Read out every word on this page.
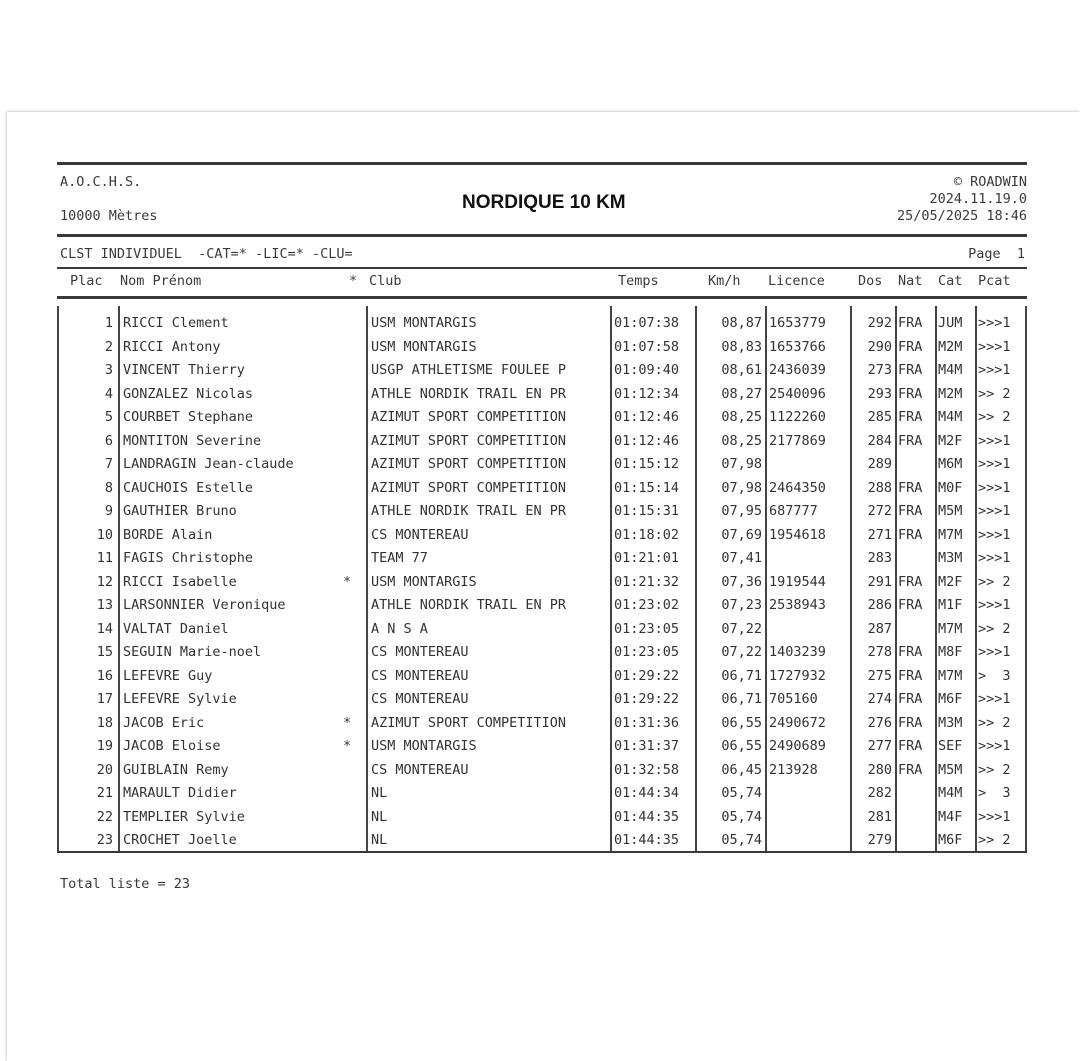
A.O.C.H.S.
10000 Mètres
NORDIQUE 10 KM
© ROADWIN
2024.11.19.0
25/05/2025 18:46
CLST INDIVIDUEL  -CAT=* -LIC=* -CLU=	Page  1
Plac Nom Prénom	* Club	Temps	Km/h Licence Dos Nat Cat Pcat
1 RICCI Clement	USM MONTARGIS	01:07:38	08,87 1653779	292 FRA	JUM	>>>1
2 RICCI Antony	USM MONTARGIS	01:07:58	08,83 1653766	290 FRA	M2M	>>>1
3 VINCENT Thierry	USGP ATHLETISME FOULEE P	01:09:40	08,61 2436039	273 FRA	M4M	>>>1
4 GONZALEZ Nicolas	ATHLE NORDIK TRAIL EN PR	01:12:34	08,27 2540096	293 FRA	M2M	>> 2
5 COURBET Stephane	AZIMUT SPORT COMPETITION	01:12:46	08,25 1122260	285 FRA	M4M	>> 2
6 MONTITON Severine	AZIMUT SPORT COMPETITION	01:12:46	08,25 2177869	284 FRA	M2F	>>>1
7 LANDRAGIN Jean-claude	AZIMUT SPORT COMPETITION	01:15:12	07,98	289	M6M	>>>1
8 CAUCHOIS Estelle	AZIMUT SPORT COMPETITION	01:15:14	07,98 2464350	288 FRA	M0F	>>>1
9 GAUTHIER Bruno	ATHLE NORDIK TRAIL EN PR	01:15:31	07,95 687777	272 FRA	M5M	>>>1
10 BORDE Alain	CS MONTEREAU	01:18:02	07,69 1954618	271 FRA	M7M	>>>1
11 FAGIS Christophe	TEAM 77	01:21:01	07,41	283	M3M	>>>1
12 RICCI Isabelle	*	USM MONTARGIS	01:21:32	07,36 1919544	291 FRA	M2F	>> 2
13 LARSONNIER Veronique	ATHLE NORDIK TRAIL EN PR	01:23:02	07,23 2538943	286 FRA	M1F	>>>1
14 VALTAT Daniel	A N S A	01:23:05	07,22	287	M7M	>> 2
15 SEGUIN Marie-noel	CS MONTEREAU	01:23:05	07,22 1403239	278 FRA	M8F	>>>1
16 LEFEVRE Guy	CS MONTEREAU	01:29:22	06,71 1727932	275 FRA	M7M	>  3
17 LEFEVRE Sylvie	CS MONTEREAU	01:29:22	06,71 705160	274 FRA	M6F	>>>1
18 JACOB Eric	*	AZIMUT SPORT COMPETITION	01:31:36	06,55 2490672	276 FRA	M3M	>> 2
19 JACOB Eloise	*	USM MONTARGIS	01:31:37	06,55 2490689	277 FRA	SEF	>>>1
20 GUIBLAIN Remy	CS MONTEREAU	01:32:58	06,45 213928	280 FRA	M5M	>> 2
21 MARAULT Didier	NL	01:44:34	05,74	282	M4M	>  3
22 TEMPLIER Sylvie	NL	01:44:35	05,74	281	M4F	>>>1
23 CROCHET Joelle	NL	01:44:35	05,74	279	M6F	>> 2
Total liste = 23
